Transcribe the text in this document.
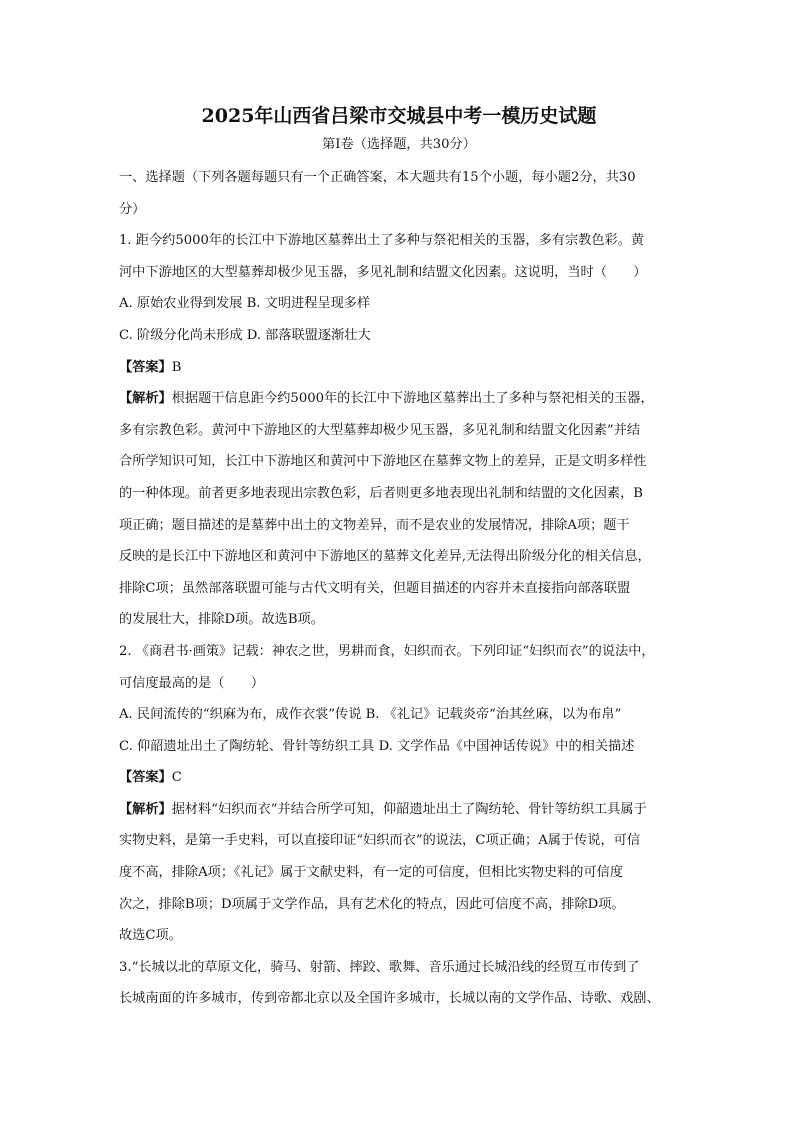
2025年山西省吕梁市交城县中考一模历史试题

第Ⅰ卷（选择题，共30分）

一、选择题（下列各题每题只有一个正确答案，本大题共有15个小题，每小题2分，共30

分）

1. 距今约5000年的长江中下游地区墓葬出土了多种与祭祀相关的玉器，多有宗教色彩。黄

河中下游地区的大型墓葬却极少见玉器，多见礼制和结盟文化因素。这说明，当时（　　）

A. 原始农业得到发展 B. 文明进程呈现多样

C. 阶级分化尚未形成 D. 部落联盟逐渐壮大

【答案】B

【解析】根据题干信息距今约5000年的长江中下游地区墓葬出土了多种与祭祀相关的玉器，

多有宗教色彩。黄河中下游地区的大型墓葬却极少见玉器，多见礼制和结盟文化因素”并结

合所学知识可知，长江中下游地区和黄河中下游地区在墓葬文物上的差异，正是文明多样性

的一种体现。前者更多地表现出宗教色彩，后者则更多地表现出礼制和结盟的文化因素，B

项正确；题目描述的是墓葬中出土的文物差异，而不是农业的发展情况，排除A项；题干

反映的是长江中下游地区和黄河中下游地区的墓葬文化差异,无法得出阶级分化的相关信息，

排除C项；虽然部落联盟可能与古代文明有关，但题目描述的内容并未直接指向部落联盟

的发展壮大，排除D项。故选B项。

2. 《商君书·画策》记载：神农之世，男耕而食，妇织而衣。下列印证“妇织而衣”的说法中，

可信度最高的是（　　）

A. 民间流传的“织麻为布，成作衣裳”传说 B. 《礼记》记载炎帝“治其丝麻，以为布帛”

C. 仰韶遗址出土了陶纺轮、骨针等纺织工具 D. 文学作品《中国神话传说》中的相关描述

【答案】C

【解析】据材料“妇织而衣”并结合所学可知，仰韶遗址出土了陶纺轮、骨针等纺织工具属于

实物史料，是第一手史料，可以直接印证“妇织而衣”的说法，C项正确；A属于传说，可信

度不高，排除A项；《礼记》属于文献史料，有一定的可信度，但相比实物史料的可信度

次之，排除B项；D项属于文学作品，具有艺术化的特点，因此可信度不高，排除D项。

故选C项。

3.“长城以北的草原文化，骑马、射箭、摔跤、歌舞、音乐通过长城沿线的经贸互市传到了

长城南面的许多城市，传到帝都北京以及全国许多城市，长城以南的文学作品、诗歌、戏剧、
